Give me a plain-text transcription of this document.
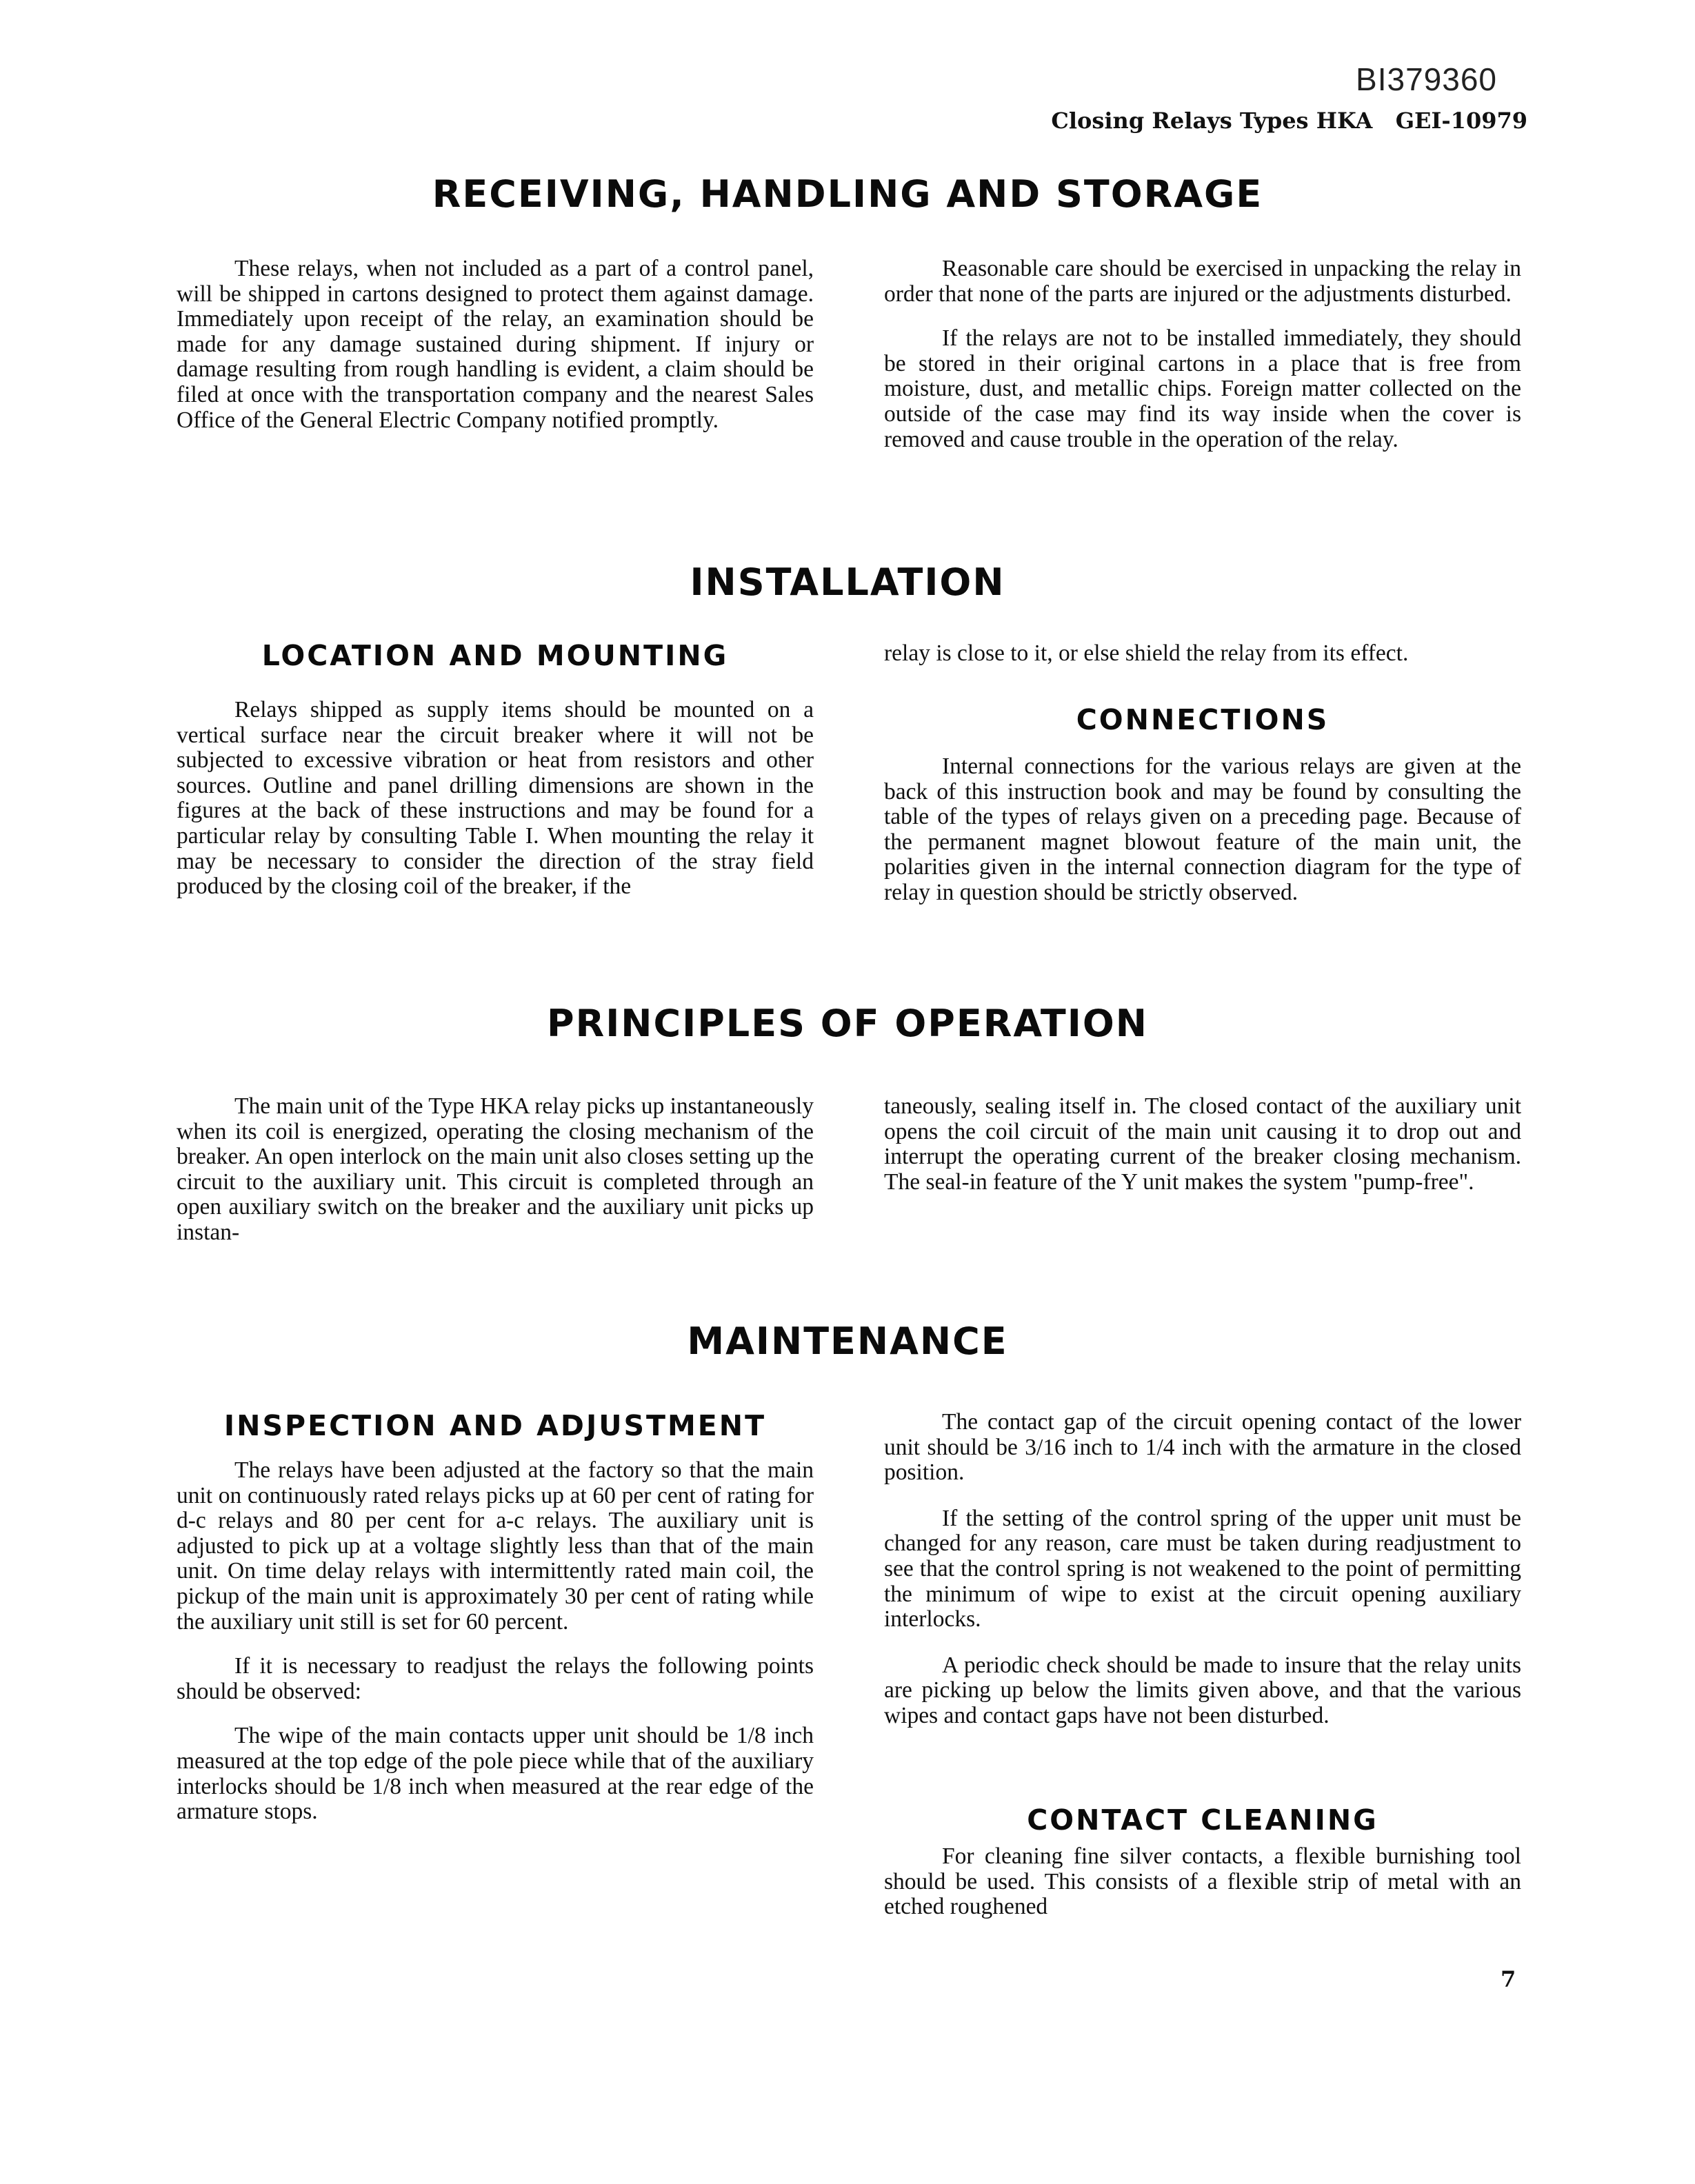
BI379360
Closing Relays Types HKA   GEI-10979
RECEIVING, HANDLING AND STORAGE

These relays, when not included as a part of a control panel, will be shipped in cartons designed to protect them against damage. Immediately upon receipt of the relay, an examination should be made for any damage sustained during shipment. If injury or damage resulting from rough handling is evident, a claim should be filed at once with the transportation company and the nearest Sales Office of the General Electric Company notified promptly.

Reasonable care should be exercised in unpacking the relay in order that none of the parts are injured or the adjustments disturbed.

If the relays are not to be installed immediately, they should be stored in their original cartons in a place that is free from moisture, dust, and metallic chips. Foreign matter collected on the outside of the case may find its way inside when the cover is removed and cause trouble in the operation of the relay.

INSTALLATION
LOCATION AND MOUNTING

Relays shipped as supply items should be mounted on a vertical surface near the circuit breaker where it will not be subjected to excessive vibration or heat from resistors and other sources. Outline and panel drilling dimensions are shown in the figures at the back of these instructions and may be found for a particular relay by consulting Table I. When mounting the relay it may be necessary to consider the direction of the stray field produced by the closing coil of the breaker, if the

relay is close to it, or else shield the relay from its effect.

CONNECTIONS

Internal connections for the various relays are given at the back of this instruction book and may be found by consulting the table of the types of relays given on a preceding page. Because of the permanent magnet blowout feature of the main unit, the polarities given in the internal connection diagram for the type of relay in question should be strictly observed.

PRINCIPLES OF OPERATION

The main unit of the Type HKA relay picks up instantaneously when its coil is energized, operating the closing mechanism of the breaker. An open interlock on the main unit also closes setting up the circuit to the auxiliary unit. This circuit is completed through an open auxiliary switch on the breaker and the auxiliary unit picks up instan-

taneously, sealing itself in. The closed contact of the auxiliary unit opens the coil circuit of the main unit causing it to drop out and interrupt the operating current of the breaker closing mechanism. The seal-in feature of the Y unit makes the system "pump-free".

MAINTENANCE
INSPECTION AND ADJUSTMENT

The relays have been adjusted at the factory so that the main unit on continuously rated relays picks up at 60 per cent of rating for d-c relays and 80 per cent for a-c relays. The auxiliary unit is adjusted to pick up at a voltage slightly less than that of the main unit. On time delay relays with intermittently rated main coil, the pickup of the main unit is approximately 30 per cent of rating while the auxiliary unit still is set for 60 percent.

If it is necessary to readjust the relays the following points should be observed:

The wipe of the main contacts upper unit should be 1/8 inch measured at the top edge of the pole piece while that of the auxiliary interlocks should be 1/8 inch when measured at the rear edge of the armature stops.

The contact gap of the circuit opening contact of the lower unit should be 3/16 inch to 1/4 inch with the armature in the closed position.

If the setting of the control spring of the upper unit must be changed for any reason, care must be taken during readjustment to see that the control spring is not weakened to the point of permitting the minimum of wipe to exist at the circuit opening auxiliary interlocks.

A periodic check should be made to insure that the relay units are picking up below the limits given above, and that the various wipes and contact gaps have not been disturbed.

CONTACT CLEANING

For cleaning fine silver contacts, a flexible burnishing tool should be used. This consists of a flexible strip of metal with an etched roughened

7
